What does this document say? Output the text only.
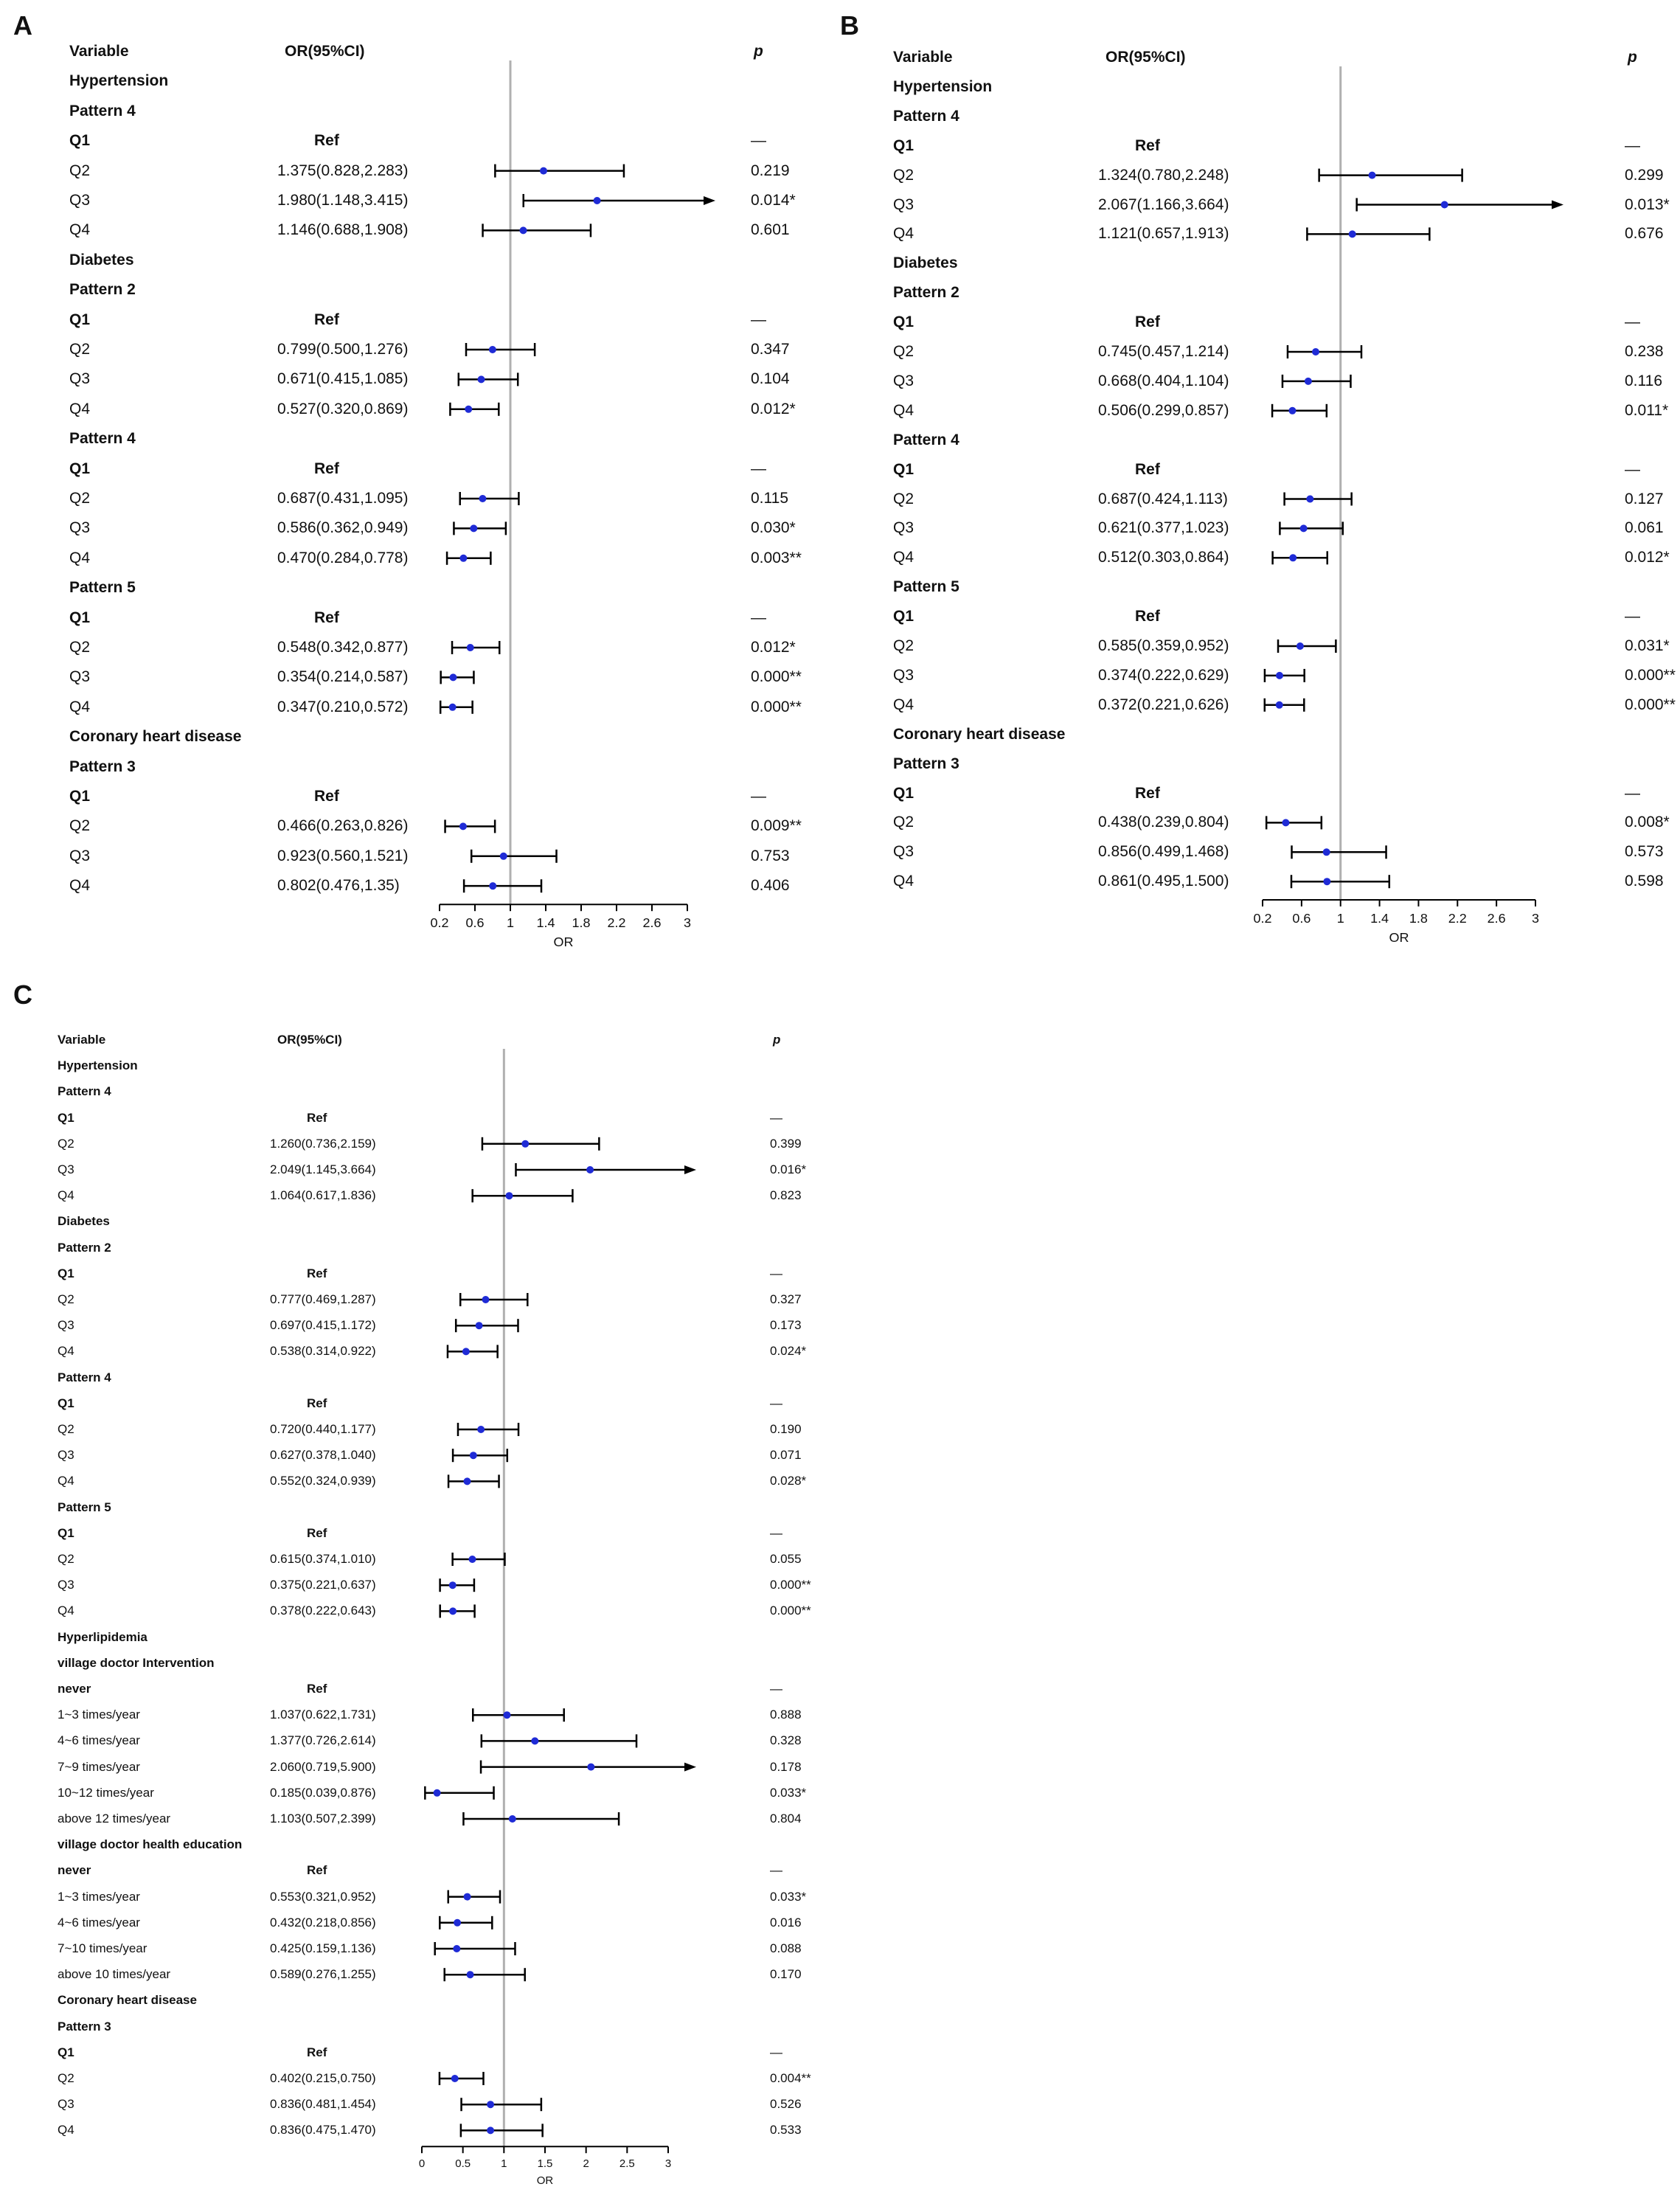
A
Variable	OR(95%CI)	p
0.2 0.6 1 1.4 1.8 2.2 2.6 3
OR
Hypertension
Pattern 4
Q1	Ref	—
Q2	1.375(0.828,2.283)	0.219
Q3	1.980(1.148,3.415)	0.014*
Q4	1.146(0.688,1.908)	0.601
Diabetes
Pattern 2
Q1	Ref	—
Q2	0.799(0.500,1.276)	0.347
Q3	0.671(0.415,1.085)	0.104
Q4	0.527(0.320,0.869)	0.012*
Pattern 4
Q1	Ref	—
Q2	0.687(0.431,1.095)	0.115
Q3	0.586(0.362,0.949)	0.030*
Q4	0.470(0.284,0.778)	0.003**
Pattern 5
Q1	Ref	—
Q2	0.548(0.342,0.877)	0.012*
Q3	0.354(0.214,0.587)	0.000**
Q4	0.347(0.210,0.572)	0.000**
Coronary heart disease
Pattern 3
Q1	Ref	—
Q2	0.466(0.263,0.826)	0.009**
Q3	0.923(0.560,1.521)	0.753
Q4	0.802(0.476,1.35)	0.406
B
Variable	OR(95%CI)	p
0.2 0.6 1 1.4 1.8 2.2 2.6 3
OR
Hypertension
Pattern 4
Q1	Ref	—
Q2	1.324(0.780,2.248)	0.299
Q3	2.067(1.166,3.664)	0.013*
Q4	1.121(0.657,1.913)	0.676
Diabetes
Pattern 2
Q1	Ref	—
Q2	0.745(0.457,1.214)	0.238
Q3	0.668(0.404,1.104)	0.116
Q4	0.506(0.299,0.857)	0.011*
Pattern 4
Q1	Ref	—
Q2	0.687(0.424,1.113)	0.127
Q3	0.621(0.377,1.023)	0.061
Q4	0.512(0.303,0.864)	0.012*
Pattern 5
Q1	Ref	—
Q2	0.585(0.359,0.952)	0.031*
Q3	0.374(0.222,0.629)	0.000**
Q4	0.372(0.221,0.626)	0.000**
Coronary heart disease
Pattern 3
Q1	Ref	—
Q2	0.438(0.239,0.804)	0.008*
Q3	0.856(0.499,1.468)	0.573
Q4	0.861(0.495,1.500)	0.598
C
Variable	OR(95%CI)	p
0	0.5	1	1.5	2	2.5	3
OR
Hypertension
Pattern 4
Q1	Ref	—
Q2	1.260(0.736,2.159)	0.399
Q3	2.049(1.145,3.664)	0.016*
Q4	1.064(0.617,1.836)	0.823
Diabetes
Pattern 2
Q1	Ref	—
Q2	0.777(0.469,1.287)	0.327
Q3	0.697(0.415,1.172)	0.173
Q4	0.538(0.314,0.922)	0.024*
Pattern 4
Q1	Ref	—
Q2	0.720(0.440,1.177)	0.190
Q3	0.627(0.378,1.040)	0.071
Q4	0.552(0.324,0.939)	0.028*
Pattern 5
Q1	Ref	—
Q2	0.615(0.374,1.010)	0.055
Q3	0.375(0.221,0.637)	0.000**
Q4	0.378(0.222,0.643)	0.000**
Hyperlipidemia
village doctor Intervention
never	Ref	—
1~3 times/year	1.037(0.622,1.731)	0.888
4~6 times/year	1.377(0.726,2.614)	0.328
7~9 times/year	2.060(0.719,5.900)	0.178
10~12 times/year	0.185(0.039,0.876)	0.033*
above 12 times/year	1.103(0.507,2.399)	0.804
village doctor health education
never	Ref	—
1~3 times/year	0.553(0.321,0.952)	0.033*
4~6 times/year	0.432(0.218,0.856)	0.016
7~10 times/year	0.425(0.159,1.136)	0.088
above 10 times/year	0.589(0.276,1.255)	0.170
Coronary heart disease
Pattern 3
Q1	Ref	—
Q2	0.402(0.215,0.750)	0.004**
Q3	0.836(0.481,1.454)	0.526
Q4	0.836(0.475,1.470)	0.533
